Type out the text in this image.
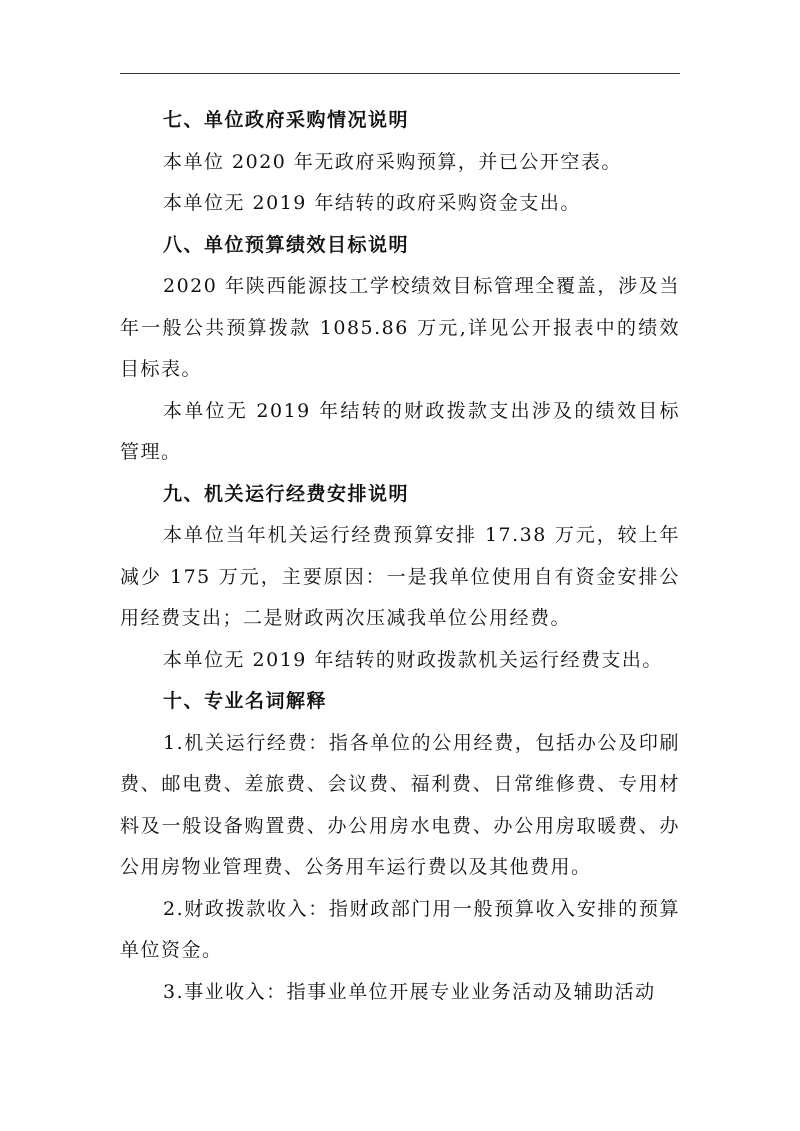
七、单位政府采购情况说明

本单位 2020 年无政府采购预算，并已公开空表。

本单位无 2019 年结转的政府采购资金支出。

八、单位预算绩效目标说明

2020 年陕西能源技工学校绩效目标管理全覆盖，涉及当年一般公共预算拨款 1085.86 万元,详见公开报表中的绩效目标表。

本单位无 2019 年结转的财政拨款支出涉及的绩效目标管理。

九、机关运行经费安排说明

本单位当年机关运行经费预算安排 17.38 万元，较上年减少 175 万元，主要原因：一是我单位使用自有资金安排公用经费支出；二是财政两次压减我单位公用经费。

本单位无 2019 年结转的财政拨款机关运行经费支出。

十、专业名词解释

1.机关运行经费：指各单位的公用经费，包括办公及印刷费、邮电费、差旅费、会议费、福利费、日常维修费、专用材料及一般设备购置费、办公用房水电费、办公用房取暖费、办公用房物业管理费、公务用车运行费以及其他费用。

2.财政拨款收入：指财政部门用一般预算收入安排的预算单位资金。

3.事业收入：指事业单位开展专业业务活动及辅助活动
